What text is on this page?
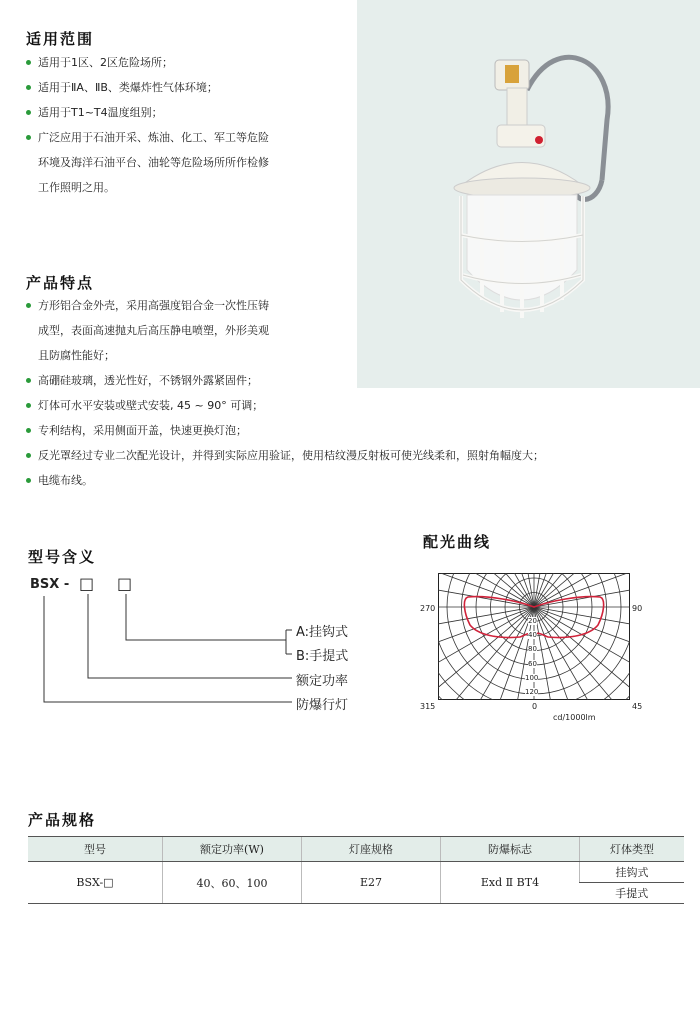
适用范围
适用于1区、2区危险场所；
适用于ⅡA、ⅡB、类爆炸性气体环境；
适用于T1~T4温度组别；
广泛应用于石油开采、炼油、化工、军工等危险
环境及海洋石油平台、油轮等危险场所所作检修
工作照明之用。
产品特点
方形铝合金外壳，采用高强度铝合金一次性压铸
成型，表面高速抛丸后高压静电喷塑，外形美观
且防腐性能好；
高硼硅玻璃，透光性好，不锈钢外露紧固件；
灯体可水平安装或壁式安装, 45 ~ 90° 可调；
专利结构，采用侧面开盖，快速更换灯泡；
反光罩经过专业二次配光设计，并得到实际应用验证，使用桔纹漫反射板可使光线柔和，照射角幅度大；
电缆布线。
型号含义
BSX - □ □
A:挂钩式
B:手提式
额定功率
防爆行灯
配光曲线
270	90
315	0	45
20
40
60
80
100
120
cd/1000lm
产品规格
型号	额定功率(W)	灯座规格	防爆标志	灯体类型
BSX-□	40、60、100	E27	Exd Ⅱ BT4	挂钩式
				手提式
